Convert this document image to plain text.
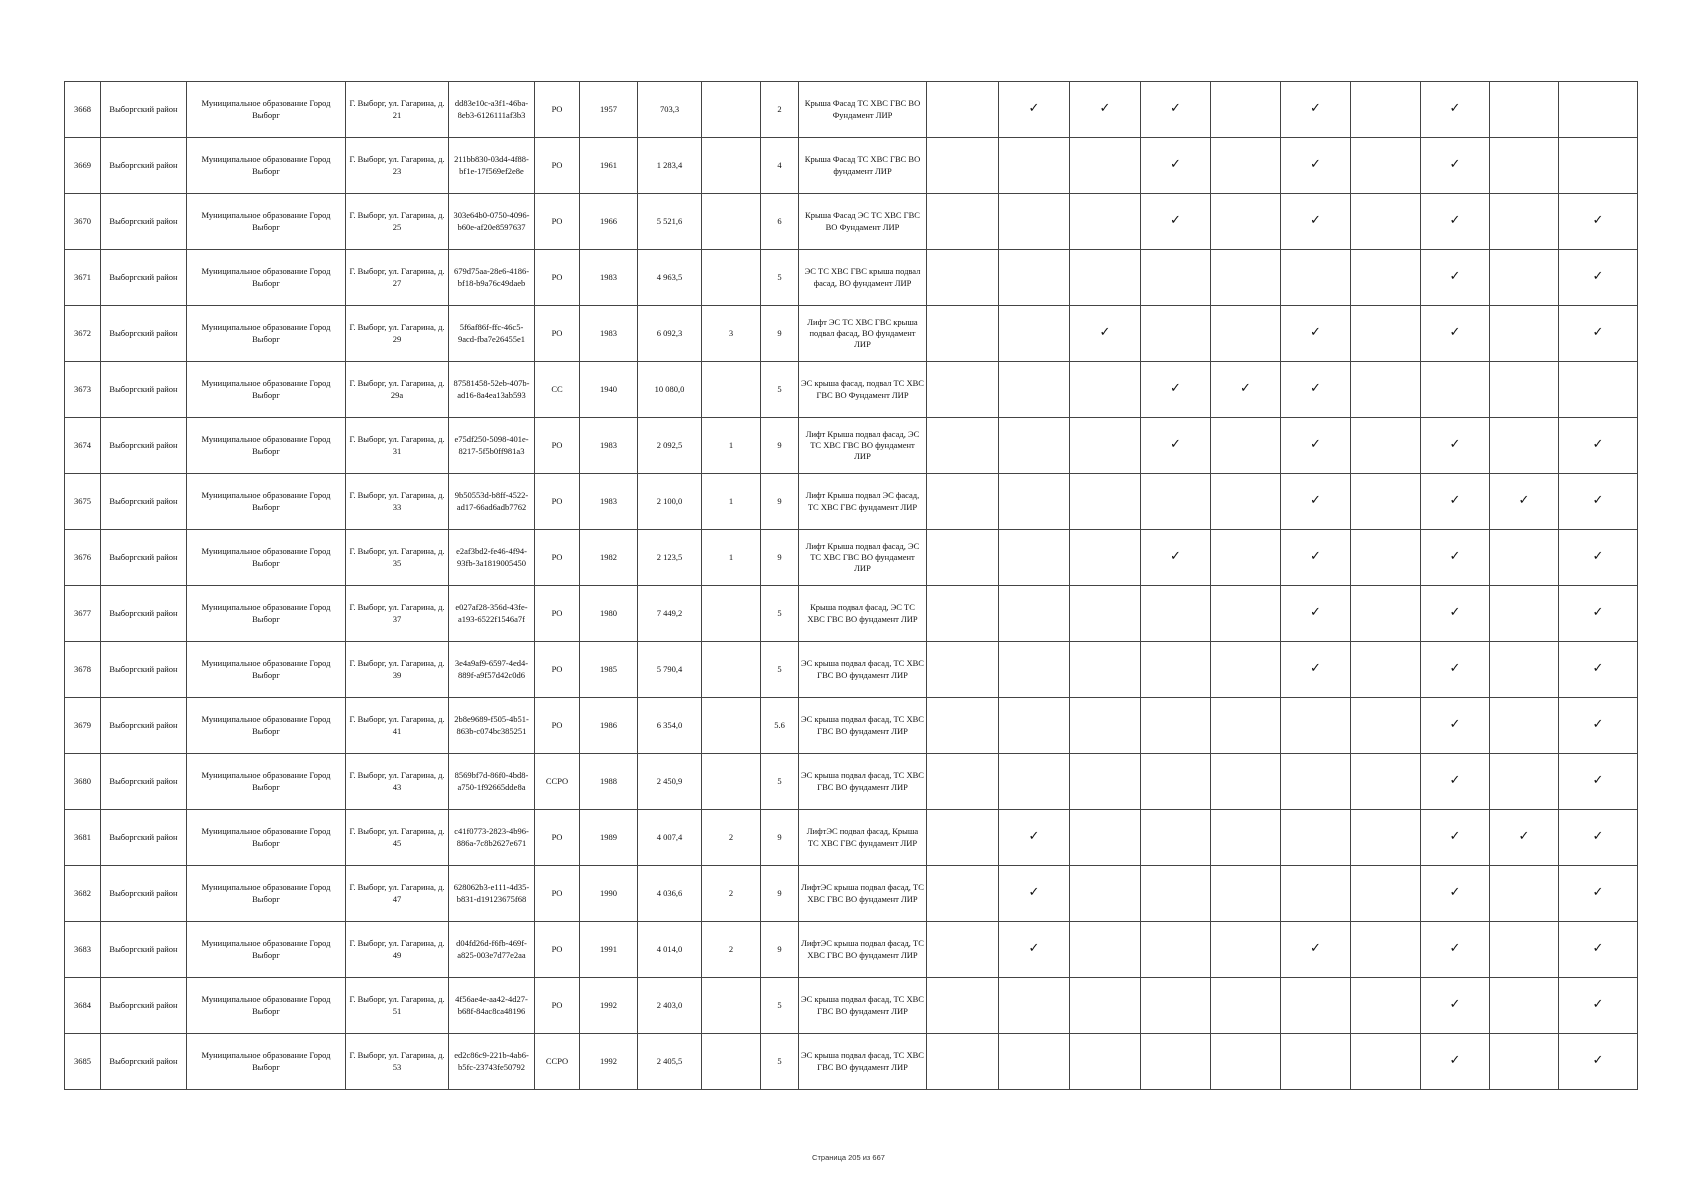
3668	Выборгский район	Муниципальное образование Город Выборг	Г. Выборг, ул. Гагарина, д. 21	dd83e10c-a3f1-46ba-8eb3-6126111af3b3	PO	1957	703,3		2	Крыша Фасад ТС ХВС ГВС ВО Фундамент ЛИР		✓	✓	✓		✓		✓		
3669	Выборгский район	Муниципальное образование Город Выборг	Г. Выборг, ул. Гагарина, д. 23	211bb830-03d4-4f88-bf1e-17f569ef2e8e	PO	1961	1 283,4		4	Крыша Фасад ТС ХВС ГВС ВО фундамент ЛИР				✓		✓		✓		
3670	Выборгский район	Муниципальное образование Город Выборг	Г. Выборг, ул. Гагарина, д. 25	303e64b0-0750-4096-b60e-af20e8597637	PO	1966	5 521,6		6	Крыша Фасад ЭС ТС ХВС ГВС ВО Фундамент ЛИР				✓		✓		✓		✓
3671	Выборгский район	Муниципальное образование Город Выборг	Г. Выборг, ул. Гагарина, д. 27	679d75aa-28e6-4186-bf18-b9a76c49daeb	PO	1983	4 963,5		5	ЭС ТС ХВС ГВС крыша подвал фасад, ВО фундамент ЛИР								✓		✓
3672	Выборгский район	Муниципальное образование Город Выборг	Г. Выборг, ул. Гагарина, д. 29	5f6af86f-ffc-46c5-9acd-fba7e26455e1	PO	1983	6 092,3	3	9	Лифт ЭС ТС ХВС ГВС крыша подвал фасад, ВО фундамент ЛИР			✓			✓		✓		✓
3673	Выборгский район	Муниципальное образование Город Выборг	Г. Выборг, ул. Гагарина, д. 29а	87581458-52eb-407b-ad16-8a4ea13ab593	CC	1940	10 080,0		5	ЭС крыша фасад, подвал ТС ХВС ГВС ВО Фундамент ЛИР				✓	✓	✓				
3674	Выборгский район	Муниципальное образование Город Выборг	Г. Выборг, ул. Гагарина, д. 31	e75df250-5098-401e-8217-5f5b0ff981a3	PO	1983	2 092,5	1	9	Лифт Крыша подвал фасад, ЭС ТС ХВС ГВС ВО фундамент ЛИР				✓		✓		✓		✓
3675	Выборгский район	Муниципальное образование Город Выборг	Г. Выборг, ул. Гагарина, д. 33	9b50553d-b8ff-4522-ad17-66ad6adb7762	PO	1983	2 100,0	1	9	Лифт Крыша подвал ЭС фасад, ТС ХВС ГВС фундамент ЛИР						✓		✓	✓	✓
3676	Выборгский район	Муниципальное образование Город Выборг	Г. Выборг, ул. Гагарина, д. 35	e2af3bd2-fe46-4f94-93fb-3a1819005450	PO	1982	2 123,5	1	9	Лифт Крыша подвал фасад, ЭС ТС ХВС ГВС ВО фундамент ЛИР				✓		✓		✓		✓
3677	Выборгский район	Муниципальное образование Город Выборг	Г. Выборг, ул. Гагарина, д. 37	e027af28-356d-43fe-a193-6522f1546a7f	PO	1980	7 449,2		5	Крыша подвал фасад, ЭС ТС ХВС ГВС ВО фундамент ЛИР						✓		✓		✓
3678	Выборгский район	Муниципальное образование Город Выборг	Г. Выборг, ул. Гагарина, д. 39	3e4a9af9-6597-4ed4-889f-a9f57d42c0d6	PO	1985	5 790,4		5	ЭС крыша подвал фасад, ТС ХВС ГВС ВО фундамент ЛИР						✓		✓		✓
3679	Выборгский район	Муниципальное образование Город Выборг	Г. Выборг, ул. Гагарина, д. 41	2b8e9689-f505-4b51-863b-c074bc385251	PO	1986	6 354,0		5.6	ЭС крыша подвал фасад, ТС ХВС ГВС ВО фундамент ЛИР								✓		✓
3680	Выборгский район	Муниципальное образование Город Выборг	Г. Выборг, ул. Гагарина, д. 43	8569bf7d-86f0-4bd8-a750-1f92665dde8a	CCPO	1988	2 450,9		5	ЭС крыша подвал фасад, ТС ХВС ГВС ВО фундамент ЛИР								✓		✓
3681	Выборгский район	Муниципальное образование Город Выборг	Г. Выборг, ул. Гагарина, д. 45	c41f0773-2823-4b96-886a-7c8b2627e671	PO	1989	4 007,4	2	9	ЛифтЭС подвал фасад, Крыша ТС ХВС ГВС фундамент ЛИР		✓						✓	✓	✓
3682	Выборгский район	Муниципальное образование Город Выборг	Г. Выборг, ул. Гагарина, д. 47	628062b3-e111-4d35-b831-d19123675f68	PO	1990	4 036,6	2	9	ЛифтЭС крыша подвал фасад, ТС ХВС ГВС ВО фундамент ЛИР		✓						✓		✓
3683	Выборгский район	Муниципальное образование Город Выборг	Г. Выборг, ул. Гагарина, д. 49	d04fd26d-f6fb-469f-a825-003e7d77e2aa	PO	1991	4 014,0	2	9	ЛифтЭС крыша подвал фасад, ТС ХВС ГВС ВО фундамент ЛИР		✓				✓		✓		✓
3684	Выборгский район	Муниципальное образование Город Выборг	Г. Выборг, ул. Гагарина, д. 51	4f56ae4e-aa42-4d27-b68f-84ac8ca48196	PO	1992	2 403,0		5	ЭС крыша подвал фасад, ТС ХВС ГВС ВО фундамент ЛИР								✓		✓
3685	Выборгский район	Муниципальное образование Город Выборг	Г. Выборг, ул. Гагарина, д. 53	ed2c86c9-221b-4ab6-b5fc-23743fe50792	CCPO	1992	2 405,5		5	ЭС крыша подвал фасад, ТС ХВС ГВС ВО фундамент ЛИР								✓		✓
Страница 205 из 667
